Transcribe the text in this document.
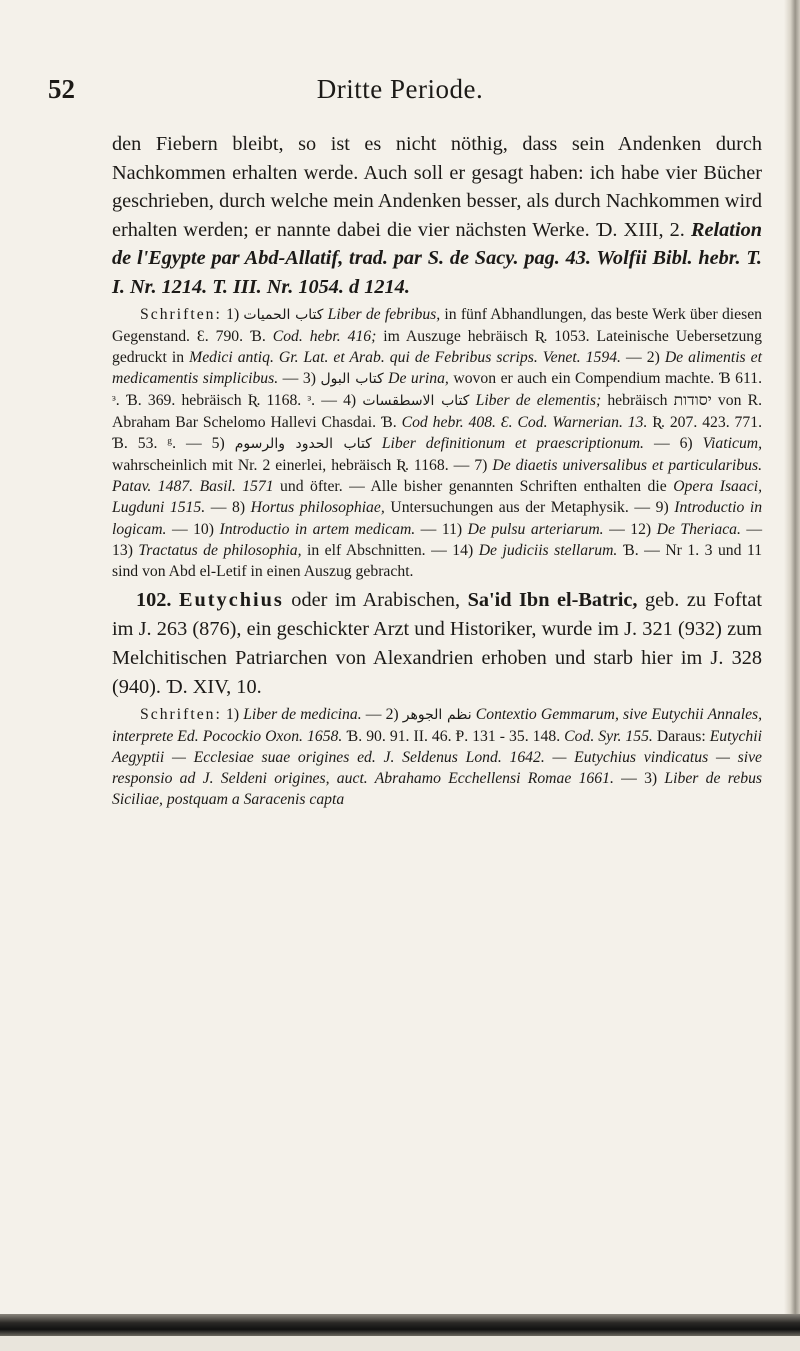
52	Dritte Periode.

den Fiebern bleibt, so ist es nicht nöthig, dass sein Andenken durch Nachkommen erhalten werde. Auch soll er gesagt haben: ich habe vier Bücher geschrieben, durch welche mein Andenken besser, als durch Nachkommen wird erhalten werden; er nannte dabei die vier nächsten Werke. Ɗ. XIII, 2. Relation de l'Egypte par Abd-Allatif, trad. par S. de Sacy. pag. 43. Wolfii Bibl. hebr. T. I. Nr. 1214. T. III. Nr. 1054. d 1214.

Schriften: 1) كتاب الحميات Liber de febribus, in fünf Abhandlungen, das beste Werk über diesen Gegenstand. Ɛ. 790. Ɓ. Cod. hebr. 416; im Auszuge hebräisch Ʀ. 1053. Lateinische Uebersetzung gedruckt in Medici antiq. Gr. Lat. et Arab. qui de Febribus scrips. Venet. 1594. — 2) De alimentis et medicamentis simplicibus. — 3) كتاب البول De urina, wovon er auch ein Compendium machte. Ɓ 611. ᵌ. Ɓ. 369. hebräisch Ʀ. 1168. ᵌ. — 4) كتاب الاسطقسات Liber de elementis; hebräisch יסודות von R. Abraham Bar Schelomo Hallevi Chasdai. Ɓ. Cod hebr. 408. Ɛ. Cod. Warnerian. 13. Ʀ. 207. 423. 771. Ɓ. 53. ᵍ. — 5) كتاب الحدود والرسوم Liber definitionum et praescriptionum. — 6) Viaticum, wahrscheinlich mit Nr. 2 einerlei, hebräisch Ʀ. 1168. — 7) De diaetis universalibus et particularibus. Patav. 1487. Basil. 1571 und öfter. — Alle bisher genannten Schriften enthalten die Opera Isaaci, Lugduni 1515. — 8) Hortus philosophiae, Untersuchungen aus der Metaphysik. — 9) Introductio in logicam. — 10) Introductio in artem medicam. — 11) De pulsu arteriarum. — 12) De Theriaca. — 13) Tractatus de philosophia, in elf Abschnitten. — 14) De judiciis stellarum. Ɓ. — Nr 1. 3 und 11 sind von Abd el-Letif in einen Auszug gebracht.

102. Eutychius oder im Arabischen, Sa'id Ibn el-Batric, geb. zu Foftat im J. 263 (876), ein geschickter Arzt und Historiker, wurde im J. 321 (932) zum Melchitischen Patriarchen von Alexandrien erhoben und starb hier im J. 328 (940). Ɗ. XIV, 10.

Schriften: 1) Liber de medicina. — 2) نظم الجوهر Contextio Gemmarum, sive Eutychii Annales, interprete Ed. Pocockio Oxon. 1658. Ɓ. 90. 91. II. 46. Ᵽ. 131 - 35. 148. Cod. Syr. 155. Daraus: Eutychii Aegyptii — Ecclesiae suae origines ed. J. Seldenus Lond. 1642. — Eutychius vindicatus — sive responsio ad J. Seldeni origines, auct. Abrahamo Ecchellensi Romae 1661. — 3) Liber de rebus Siciliae, postquam a Saracenis capta
